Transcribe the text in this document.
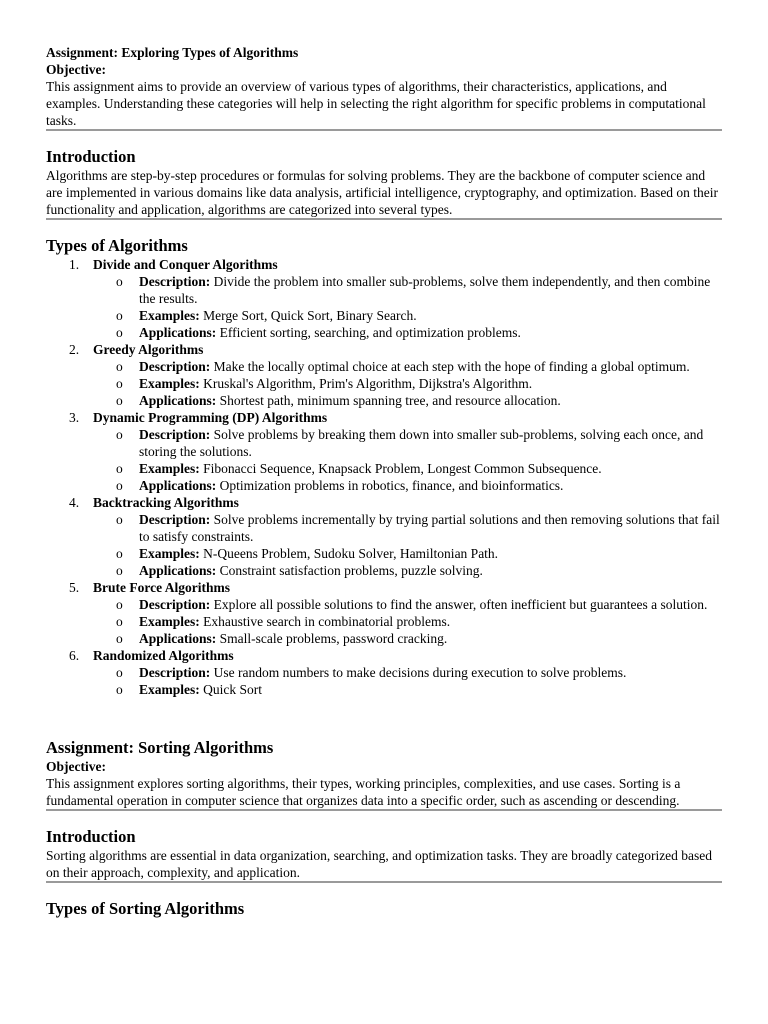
Assignment: Exploring Types of Algorithms
Objective:

This assignment aims to provide an overview of various types of algorithms, their characteristics, applications, and examples. Understanding these categories will help in selecting the right algorithm for specific problems in computational tasks.

Introduction

Algorithms are step-by-step procedures or formulas for solving problems. They are the backbone of computer science and are implemented in various domains like data analysis, artificial intelligence, cryptography, and optimization. Based on their functionality and application, algorithms are categorized into several types.

Types of Algorithms
1. Divide and Conquer Algorithms
o Description: Divide the problem into smaller sub-problems, solve them independently, and then combine the results.
o Examples: Merge Sort, Quick Sort, Binary Search.
o Applications: Efficient sorting, searching, and optimization problems.
2. Greedy Algorithms
o Description: Make the locally optimal choice at each step with the hope of finding a global optimum.
o Examples: Kruskal's Algorithm, Prim's Algorithm, Dijkstra's Algorithm.
o Applications: Shortest path, minimum spanning tree, and resource allocation.
3. Dynamic Programming (DP) Algorithms
o Description: Solve problems by breaking them down into smaller sub-problems, solving each once, and storing the solutions.
o Examples: Fibonacci Sequence, Knapsack Problem, Longest Common Subsequence.
o Applications: Optimization problems in robotics, finance, and bioinformatics.
4. Backtracking Algorithms
o Description: Solve problems incrementally by trying partial solutions and then removing solutions that fail to satisfy constraints.
o Examples: N-Queens Problem, Sudoku Solver, Hamiltonian Path.
o Applications: Constraint satisfaction problems, puzzle solving.
5. Brute Force Algorithms
o Description: Explore all possible solutions to find the answer, often inefficient but guarantees a solution.
o Examples: Exhaustive search in combinatorial problems.
o Applications: Small-scale problems, password cracking.
6. Randomized Algorithms
o Description: Use random numbers to make decisions during execution to solve problems.
o Examples: Quick Sort
Assignment: Sorting Algorithms
Objective:

This assignment explores sorting algorithms, their types, working principles, complexities, and use cases. Sorting is a fundamental operation in computer science that organizes data into a specific order, such as ascending or descending.

Introduction

Sorting algorithms are essential in data organization, searching, and optimization tasks. They are broadly categorized based on their approach, complexity, and application.

Types of Sorting Algorithms
